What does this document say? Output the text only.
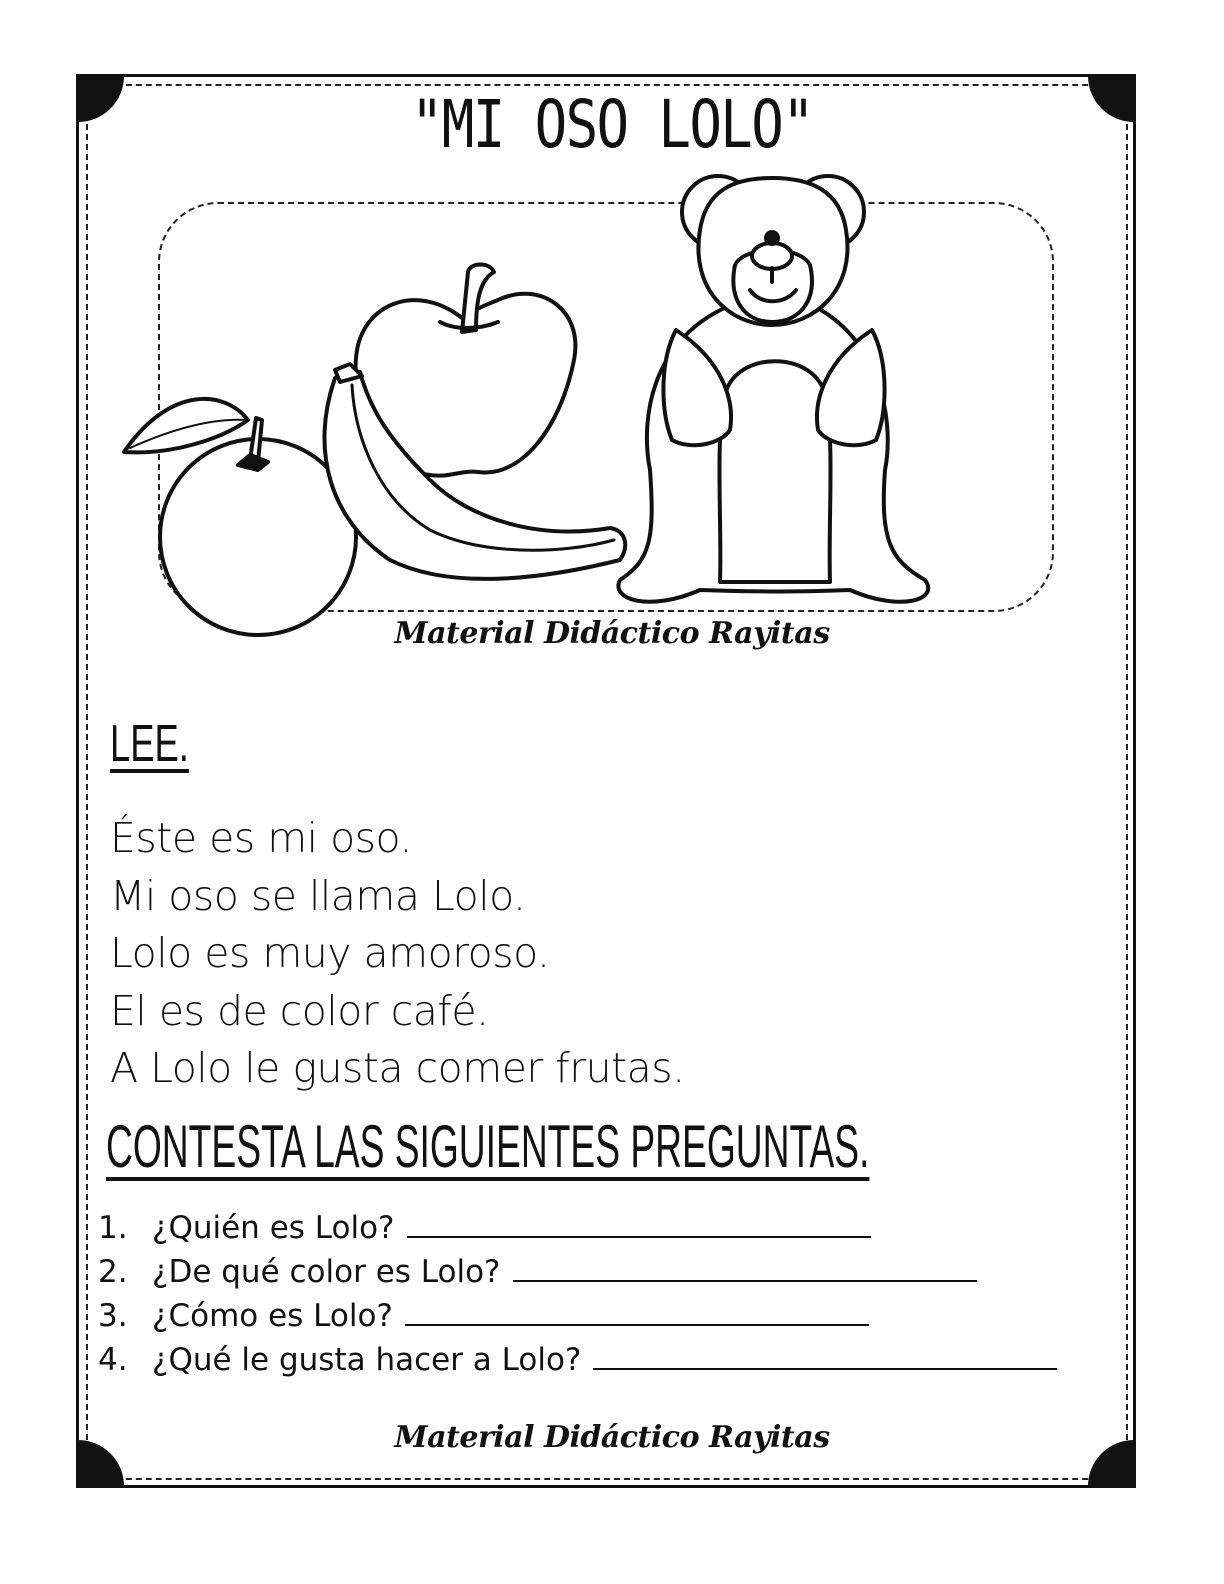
"MI OSO LOLO"
Material Didáctico Rayitas
LEE.
Éste es mi oso.
Mi oso se llama Lolo.
Lolo es muy amoroso.
El es de color café.
A Lolo le gusta comer frutas.
CONTESTA LAS SIGUIENTES PREGUNTAS.
1. ¿Quién es Lolo?
2. ¿De qué color es Lolo?
3. ¿Cómo es Lolo?
4. ¿Qué le gusta hacer a Lolo?
Material Didáctico Rayitas
